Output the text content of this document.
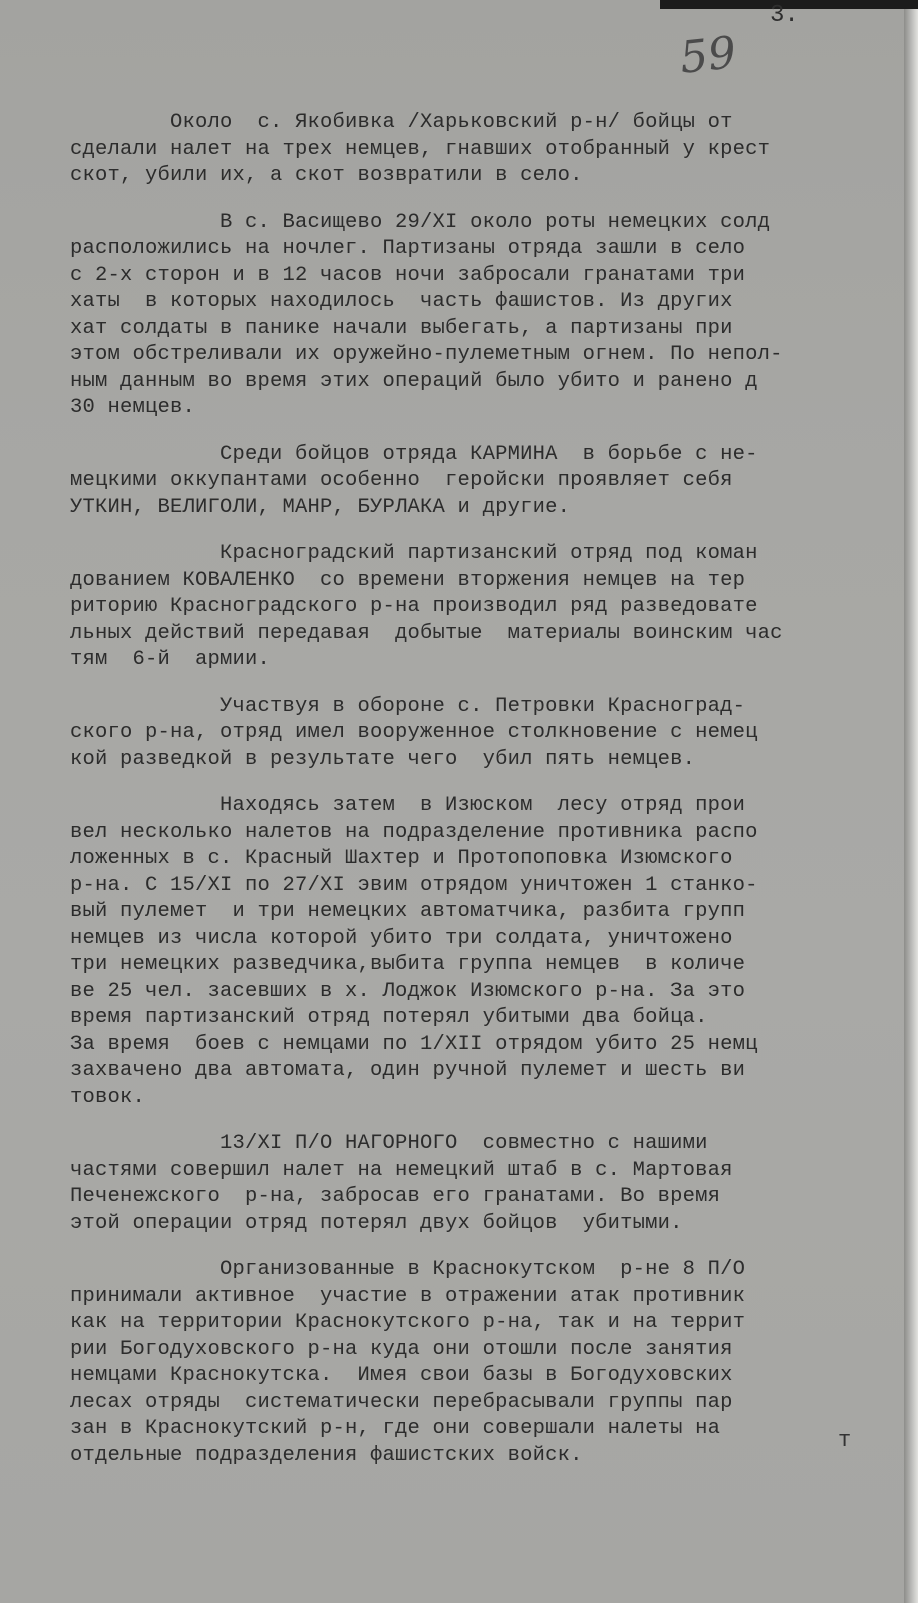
3.
59
Около  с. Якобивка /Харьковский р-н/ бойцы от
сделали налет на трех немцев, гнавших отобранный у крест
скот, убили их, а скот возвратили в село.
В с. Васищево 29/XI около роты немецких солд
расположились на ночлег. Партизаны отряда зашли в село
с 2-х сторон и в 12 часов ночи забросали гранатами три
хаты  в которых находилось  часть фашистов. Из других
хат солдаты в панике начали выбегать, а партизаны при
этом обстреливали их оружейно-пулеметным огнем. По непол-
ным данным во время этих операций было убито и ранено д
30 немцев.
Среди бойцов отряда КАРМИНА  в борьбе с не-
мецкими оккупантами особенно  геройски проявляет себя
УТКИН, ВЕЛИГОЛИ, МАНР, БУРЛАКА и другие.
Красноградский партизанский отряд под коман
дованием КОВАЛЕНКО  со времени вторжения немцев на тер
риторию Красноградского р-на производил ряд разведовате
льных действий передавая  добытые  материалы воинским час
тям  6-й  армии.
Участвуя в обороне с. Петровки Красноград-
ского р-на, отряд имел вооруженное столкновение с немец
кой разведкой в результате чего  убил пять немцев.
Находясь затем  в Изюском  лесу отряд прои
вел несколько налетов на подразделение противника распо
ложенных в с. Красный Шахтер и Протопоповка Изюмского
р-на. С 15/XI по 27/XI эвим отрядом уничтожен 1 станко-
вый пулемет  и три немецких автоматчика, разбита групп
немцев из числа которой убито три солдата, уничтожено
три немецких разведчика,выбита группа немцев  в количе
ве 25 чел. засевших в х. Лоджок Изюмского р-на. За это
время партизанский отряд потерял убитыми два бойца.
За время  боев с немцами по 1/XII отрядом убито 25 немц
захвачено два автомата, один ручной пулемет и шесть ви
товок.
13/XI П/О НАГОРНОГО  совместно с нашими
частями совершил налет на немецкий штаб в с. Мартовая
Печенежского  р-на, забросав его гранатами. Во время
этой операции отряд потерял двух бойцов  убитыми.
Организованные в Краснокутском  р-не 8 П/О
принимали активное  участие в отражении атак противник
как на территории Краснокутского р-на, так и на террит
рии Богодуховского р-на куда они отошли после занятия
немцами Краснокутска.  Имея свои базы в Богодуховских
лесах отряды  систематически перебрасывали группы пар
зан в Краснокутский р-н, где они совершали налеты на
отдельные подразделения фашистских войск.
т
